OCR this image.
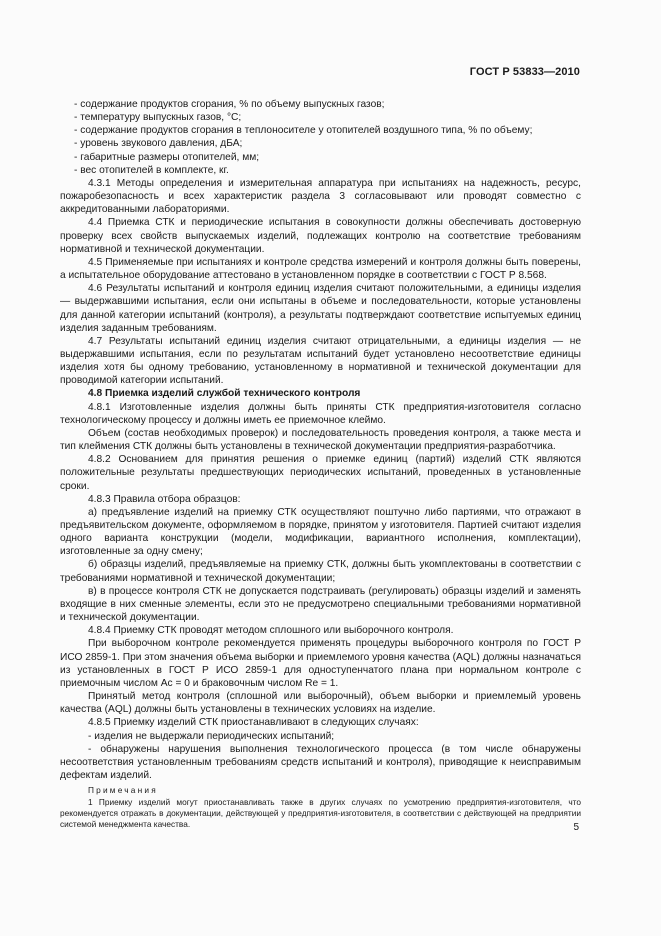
ГОСТ Р 53833—2010

- содержание продуктов сгорания, % по объему выпускных газов;

- температуру выпускных газов, °С;

- содержание продуктов сгорания в теплоносителе у отопителей воздушного типа, % по объему;

- уровень звукового давления, дБА;

- габаритные размеры отопителей, мм;

- вес отопителей в комплекте, кг.

4.3.1 Методы определения и измерительная аппаратура при испытаниях на надежность, ресурс, пожаробезопасность и всех характеристик раздела 3 согласовывают или проводят совместно с аккредитованными лабораториями.

4.4 Приемка СТК и периодические испытания в совокупности должны обеспечивать достоверную проверку всех свойств выпускаемых изделий, подлежащих контролю на соответствие требованиям нормативной и технической документации.

4.5 Применяемые при испытаниях и контроле средства измерений и контроля должны быть поверены, а испытательное оборудование аттестовано в установленном порядке в соответствии с ГОСТ Р 8.568.

4.6 Результаты испытаний и контроля единиц изделия считают положительными, а единицы изделия — выдержавшими испытания, если они испытаны в объеме и последовательности, которые установлены для данной категории испытаний (контроля), а результаты подтверждают соответствие испытуемых единиц изделия заданным требованиям.

4.7 Результаты испытаний единиц изделия считают отрицательными, а единицы изделия — не выдержавшими испытания, если по результатам испытаний будет установлено несоответствие единицы изделия хотя бы одному требованию, установленному в нормативной и технической документации для проводимой категории испытаний.

4.8 Приемка изделий службой технического контроля

4.8.1 Изготовленные изделия должны быть приняты СТК предприятия-изготовителя согласно технологическому процессу и должны иметь ее приемочное клеймо.

Объем (состав необходимых проверок) и последовательность проведения контроля, а также места и тип клеймения СТК должны быть установлены в технической документации предприятия-разработчика.

4.8.2 Основанием для принятия решения о приемке единиц (партий) изделий СТК являются положительные результаты предшествующих периодических испытаний, проведенных в установленные сроки.

4.8.3 Правила отбора образцов:

а) предъявление изделий на приемку СТК осуществляют поштучно либо партиями, что отражают в предъявительском документе, оформляемом в порядке, принятом у изготовителя. Партией считают изделия одного варианта конструкции (модели, модификации, вариантного исполнения, комплектации), изготовленные за одну смену;

б) образцы изделий, предъявляемые на приемку СТК, должны быть укомплектованы в соответствии с требованиями нормативной и технической документации;

в) в процессе контроля СТК не допускается подстраивать (регулировать) образцы изделий и заменять входящие в них сменные элементы, если это не предусмотрено специальными требованиями нормативной и технической документации.

4.8.4 Приемку СТК проводят методом сплошного или выборочного контроля.

При выборочном контроле рекомендуется применять процедуры выборочного контроля по ГОСТ Р ИСО 2859-1. При этом значения объема выборки и приемлемого уровня качества (AQL) должны назначаться из установленных в ГОСТ Р ИСО 2859-1 для одноступенчатого плана при нормальном контроле с приемочным числом Ас = 0 и браковочным числом Re = 1.

Принятый метод контроля (сплошной или выборочный), объем выборки и приемлемый уровень качества (AQL) должны быть установлены в технических условиях на изделие.

4.8.5 Приемку изделий СТК приостанавливают в следующих случаях:

- изделия не выдержали периодических испытаний;

- обнаружены нарушения выполнения технологического процесса (в том числе обнаружены несоответствия установленным требованиям средств испытаний и контроля), приводящие к неисправимым дефектам изделий.

Примечания

1 Приемку изделий могут приостанавливать также в других случаях по усмотрению предприятия-изготовителя, что рекомендуется отражать в документации, действующей у предприятия-изготовителя, в соответствии с действующей на предприятии системой менеджмента качества.	5
